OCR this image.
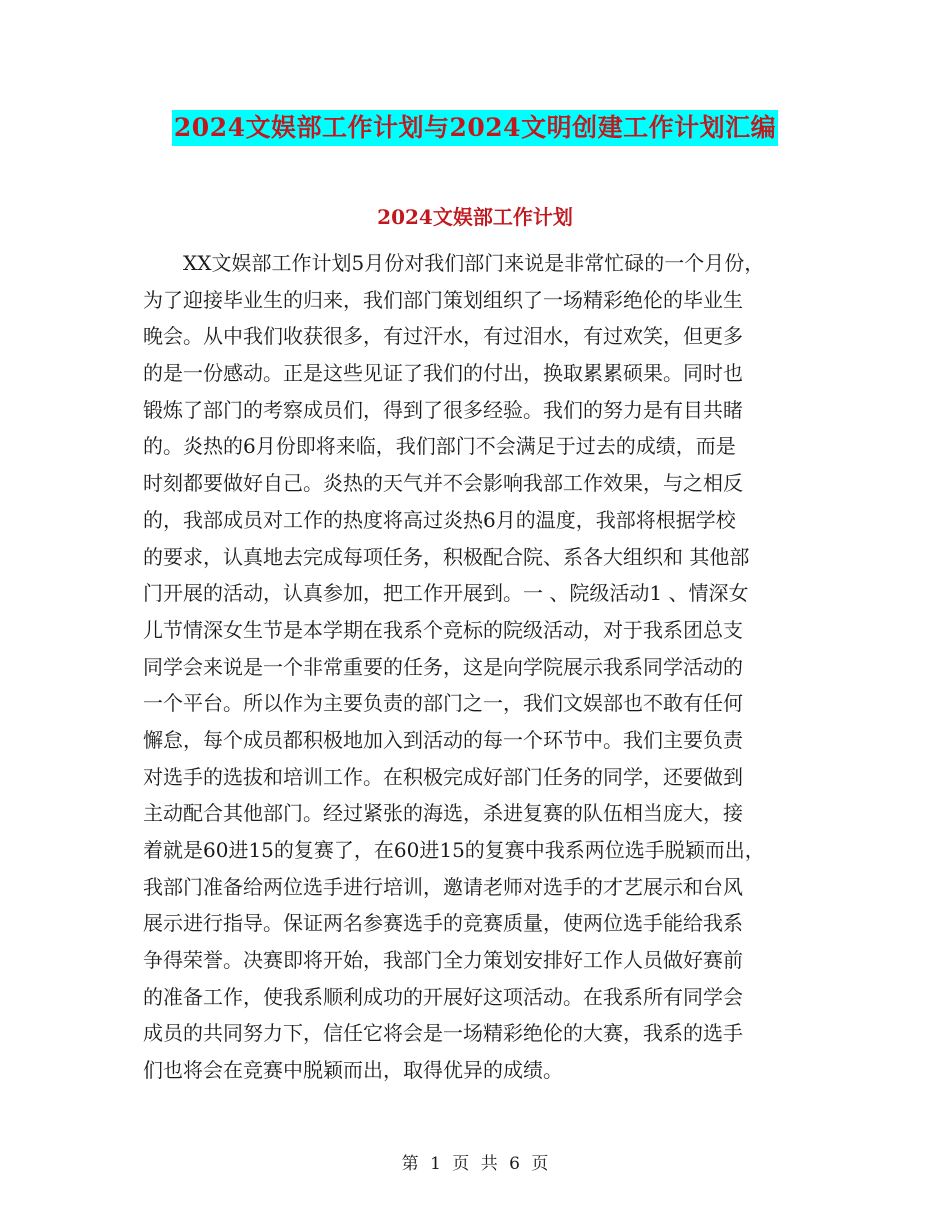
2024文娱部工作计划与2024文明创建工作计划汇编
2024文娱部工作计划
XX文娱部工作计划5月份对我们部门来说是非常忙碌的一个月份，
为了迎接毕业生的归来，我们部门策划组织了一场精彩绝伦的毕业生
晚会。从中我们收获很多，有过汗水，有过泪水，有过欢笑，但更多
的是一份感动。正是这些见证了我们的付出，换取累累硕果。同时也
锻炼了部门的考察成员们，得到了很多经验。我们的努力是有目共睹
的。炎热的6月份即将来临，我们部门不会满足于过去的成绩，而是
时刻都要做好自己。炎热的天气并不会影响我部工作效果，与之相反
的，我部成员对工作的热度将高过炎热6月的温度，我部将根据学校
的要求，认真地去完成每项任务，积极配合院、系各大组织和 其他部
门开展的活动，认真参加，把工作开展到。一 、院级活动1 、情深女
儿节情深女生节是本学期在我系个竞标的院级活动，对于我系团总支
同学会来说是一个非常重要的任务，这是向学院展示我系同学活动的
一个平台。所以作为主要负责的部门之一，我们文娱部也不敢有任何
懈怠，每个成员都积极地加入到活动的每一个环节中。我们主要负责
对选手的选拔和培训工作。在积极完成好部门任务的同学，还要做到
主动配合其他部门。经过紧张的海选，杀进复赛的队伍相当庞大，接
着就是60进15的复赛了，在60进15的复赛中我系两位选手脱颖而出，
我部门准备给两位选手进行培训，邀请老师对选手的才艺展示和台风
展示进行指导。保证两名参赛选手的竞赛质量，使两位选手能给我系
争得荣誉。决赛即将开始，我部门全力策划安排好工作人员做好赛前
的准备工作，使我系顺利成功的开展好这项活动。在我系所有同学会
成员的共同努力下，信任它将会是一场精彩绝伦的大赛，我系的选手
们也将会在竞赛中脱颖而出，取得优异的成绩。
第 1 页 共 6 页
